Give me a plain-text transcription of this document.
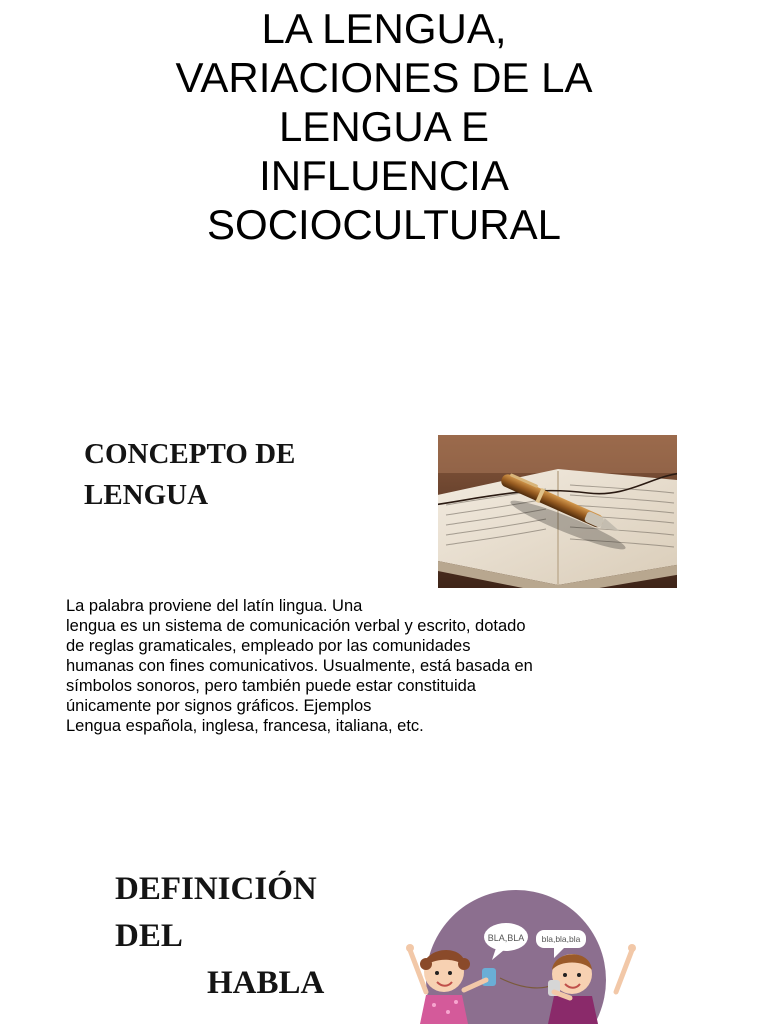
LA LENGUA,
VARIACIONES DE LA
LENGUA E
INFLUENCIA
SOCIOCULTURAL
CONCEPTO DE
LENGUA

La palabra proviene del latín lingua. Una
lengua es un sistema de comunicación verbal y escrito, dotado
de reglas gramaticales, empleado por las comunidades
humanas con fines comunicativos. Usualmente, está basada en
símbolos sonoros, pero también puede estar constituida
únicamente por signos gráficos. Ejemplos
Lengua española, inglesa, francesa, italiana, etc.

DEFINICIÓN
DEL
HABLA
BLA,BLA bla,bla,bla
